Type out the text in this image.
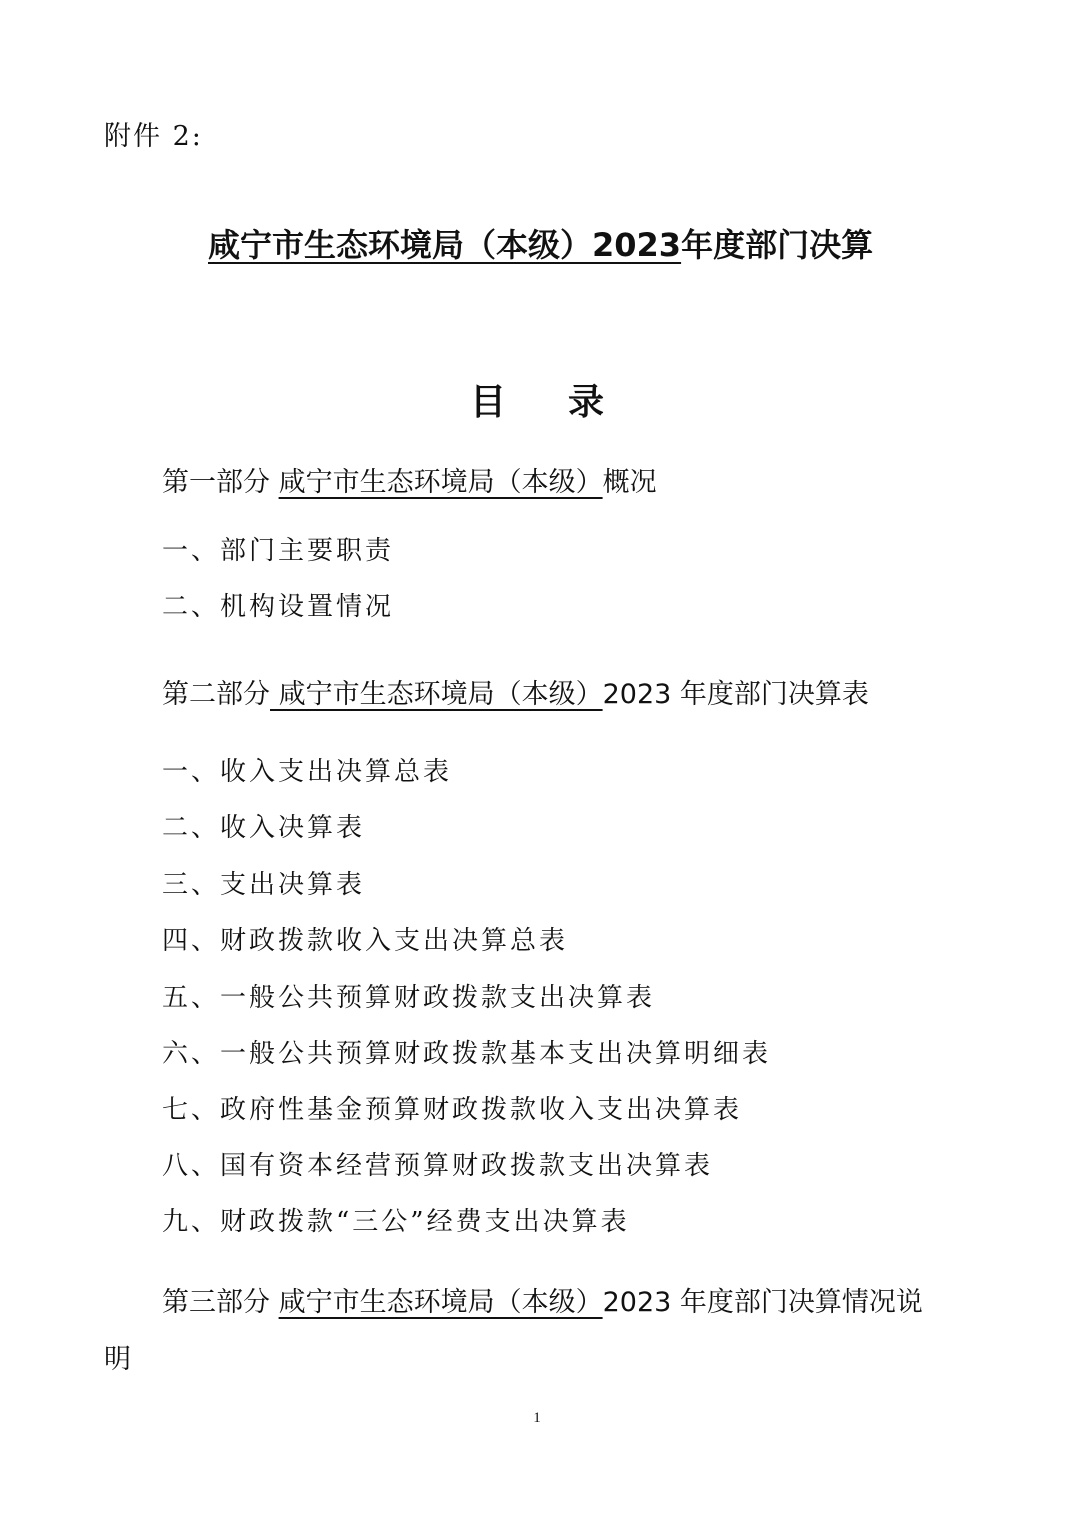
附件 2:
咸宁市生态环境局（本级）2023年度部门决算
目录
第一部分 咸宁市生态环境局（本级）概况
一、部门主要职责
二、机构设置情况
第二部分 咸宁市生态环境局（本级）2023 年度部门决算表
一、收入支出决算总表
二、收入决算表
三、支出决算表
四、财政拨款收入支出决算总表
五、一般公共预算财政拨款支出决算表
六、一般公共预算财政拨款基本支出决算明细表
七、政府性基金预算财政拨款收入支出决算表
八、国有资本经营预算财政拨款支出决算表
九、财政拨款“三公”经费支出决算表
第三部分 咸宁市生态环境局（本级）2023 年度部门决算情况说
明
1
